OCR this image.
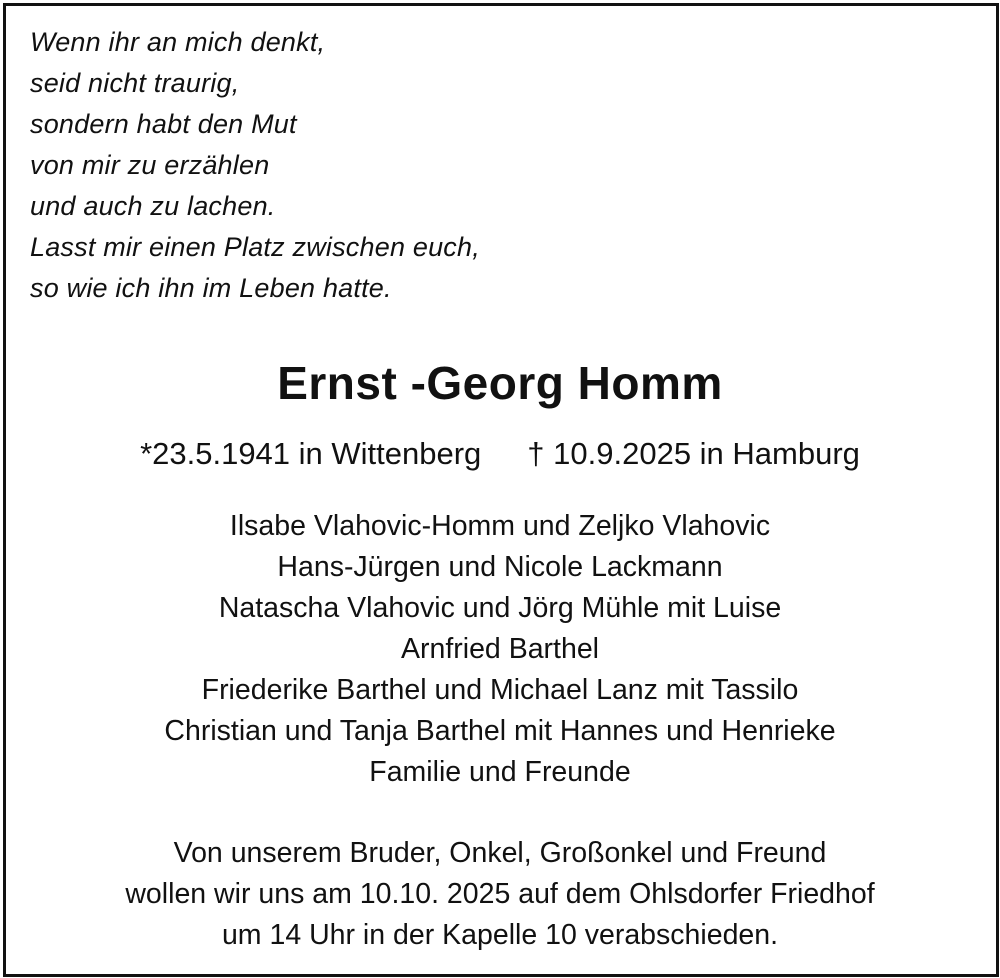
Wenn ihr an mich denkt,
seid nicht traurig,
sondern habt den Mut
von mir zu erzählen
und auch zu lachen.
Lasst mir einen Platz zwischen euch,
so wie ich ihn im Leben hatte.
Ernst -Georg Homm
*23.5.1941 in Wittenberg † 10.9.2025 in Hamburg
Ilsabe Vlahovic-Homm und Zeljko Vlahovic
Hans-Jürgen und Nicole Lackmann
Natascha Vlahovic und Jörg Mühle mit Luise
Arnfried Barthel
Friederike Barthel und Michael Lanz mit Tassilo
Christian und Tanja Barthel mit Hannes und Henrieke
Familie und Freunde
Von unserem Bruder, Onkel, Großonkel und Freund
wollen wir uns am 10.10. 2025 auf dem Ohlsdorfer Friedhof
um 14 Uhr in der Kapelle 10 verabschieden.
